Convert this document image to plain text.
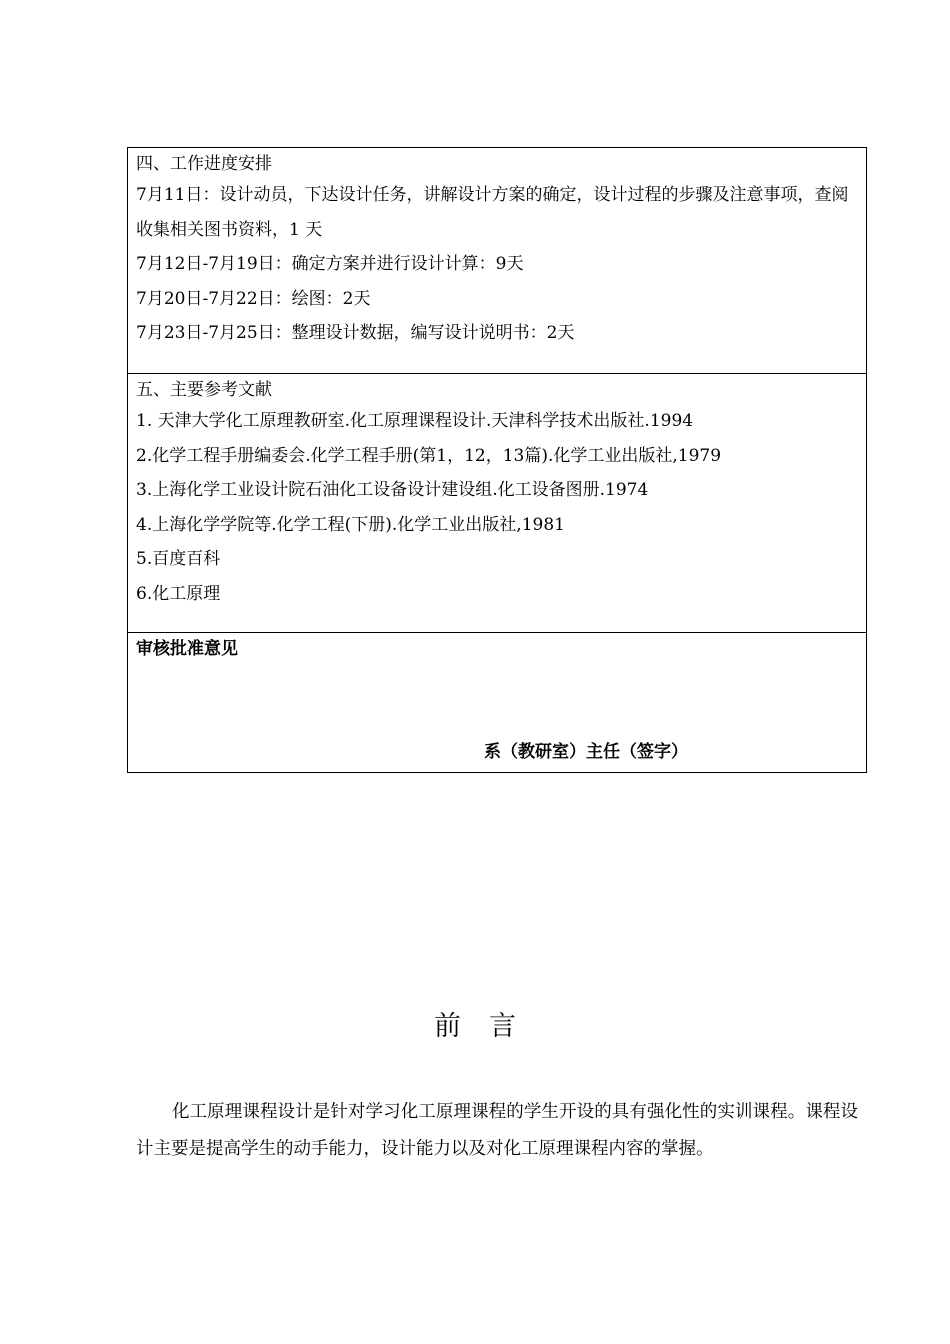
四、工作进度安排
7月11日：设计动员，下达设计任务，讲解设计方案的确定，设计过程的步骤及注意事项，查阅收集相关图书资料，1 天
7月12日-7月19日：确定方案并进行设计计算：9天
7月20日-7月22日：绘图：2天
7月23日-7月25日：整理设计数据，编写设计说明书：2天
五、主要参考文献
1. 天津大学化工原理教研室.化工原理课程设计.天津科学技术出版社.1994
2.化学工程手册编委会.化学工程手册(第1，12，13篇).化学工业出版社,1979
3.上海化学工业设计院石油化工设备设计建设组.化工设备图册.1974
4.上海化学学院等.化学工程(下册).化学工业出版社,1981
5.百度百科
6.化工原理
审核批准意见
系（教研室）主任（签字）
前言
化工原理课程设计是针对学习化工原理课程的学生开设的具有强化性的实训课程。课程设计主要是提高学生的动手能力，设计能力以及对化工原理课程内容的掌握。
